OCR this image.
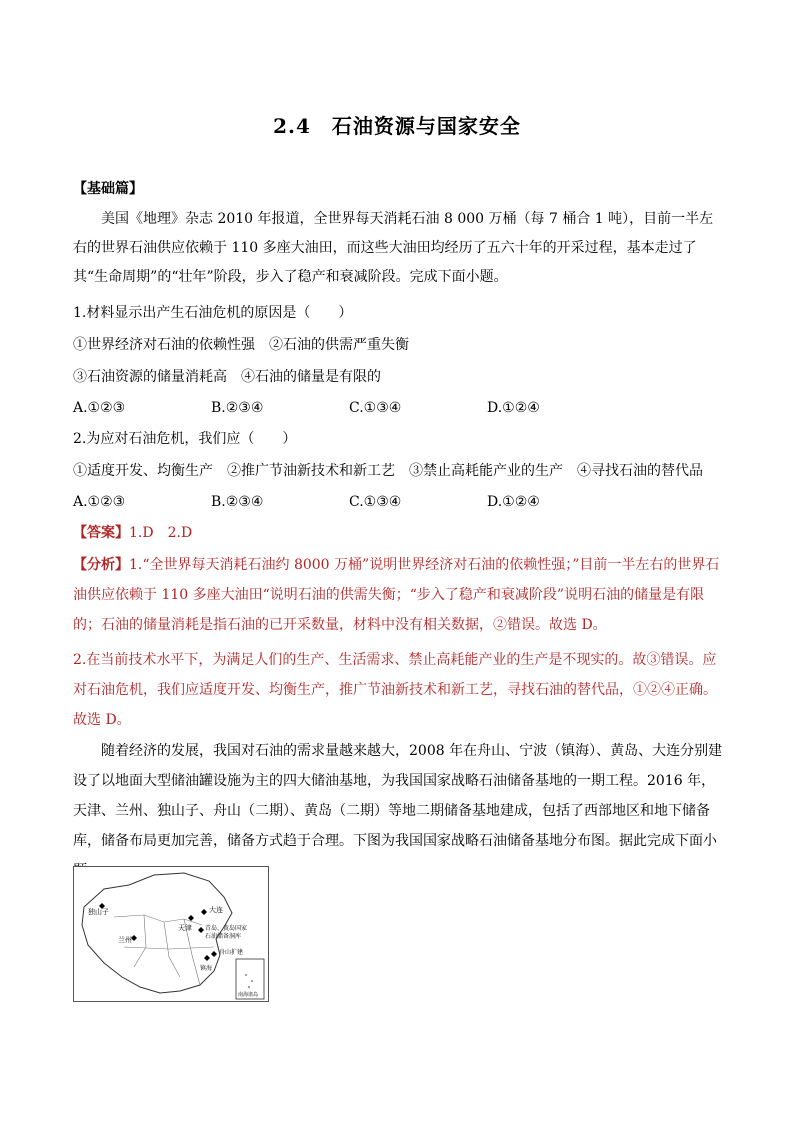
2.4　石油资源与国家安全
【基础篇】
美国《地理》杂志 2010 年报道，全世界每天消耗石油 8 000 万桶（每 7 桶合 1 吨），目前一半左右的世界石油供应依赖于 110 多座大油田，而这些大油田均经历了五六十年的开采过程，基本走过了其“生命周期”的“壮年”阶段，步入了稳产和衰减阶段。完成下面小题。
1.材料显示出产生石油危机的原因是（　　）
①世界经济对石油的依赖性强　②石油的供需严重失衡
③石油资源的储量消耗高　④石油的储量是有限的
A.①②③	B.②③④	C.①③④	D.①②④
2.为应对石油危机，我们应（　　）
①适度开发、均衡生产　②推广节油新技术和新工艺　③禁止高耗能产业的生产　④寻找石油的替代品
A.①②③	B.②③④	C.①③④	D.①②④
【答案】1.D　2.D
【分析】1.“全世界每天消耗石油约 8000 万桶”说明世界经济对石油的依赖性强；”目前一半左右的世界石油供应依赖于 110 多座大油田“说明石油的供需失衡；“步入了稳产和衰减阶段”说明石油的储量是有限的；石油的储量消耗是指石油的已开采数量，材料中没有相关数据，②错误。故选 D。
2.在当前技术水平下，为满足人们的生产、生活需求、禁止高耗能产业的生产是不现实的。故③错误。应对石油危机，我们应适度开发、均衡生产，推广节油新技术和新工艺，寻找石油的替代品，①②④正确。故选 D。
随着经济的发展，我国对石油的需求量越来越大，2008 年在舟山、宁波（镇海）、黄岛、大连分别建设了以地面大型储油罐设施为主的四大储油基地，为我国国家战略石油储备基地的一期工程。2016 年，天津、兰州、独山子、舟山（二期）、黄岛（二期）等地二期储备基地建成，包括了西部地区和地下储备库，储备布局更加完善，储备方式趋于合理。下图为我国国家战略石油储备基地分布图。据此完成下面小
独山子
兰州
天津
大连
青岛、黄岛国家
石油储备洞库
舟山扩建
镇海
南海诸岛
